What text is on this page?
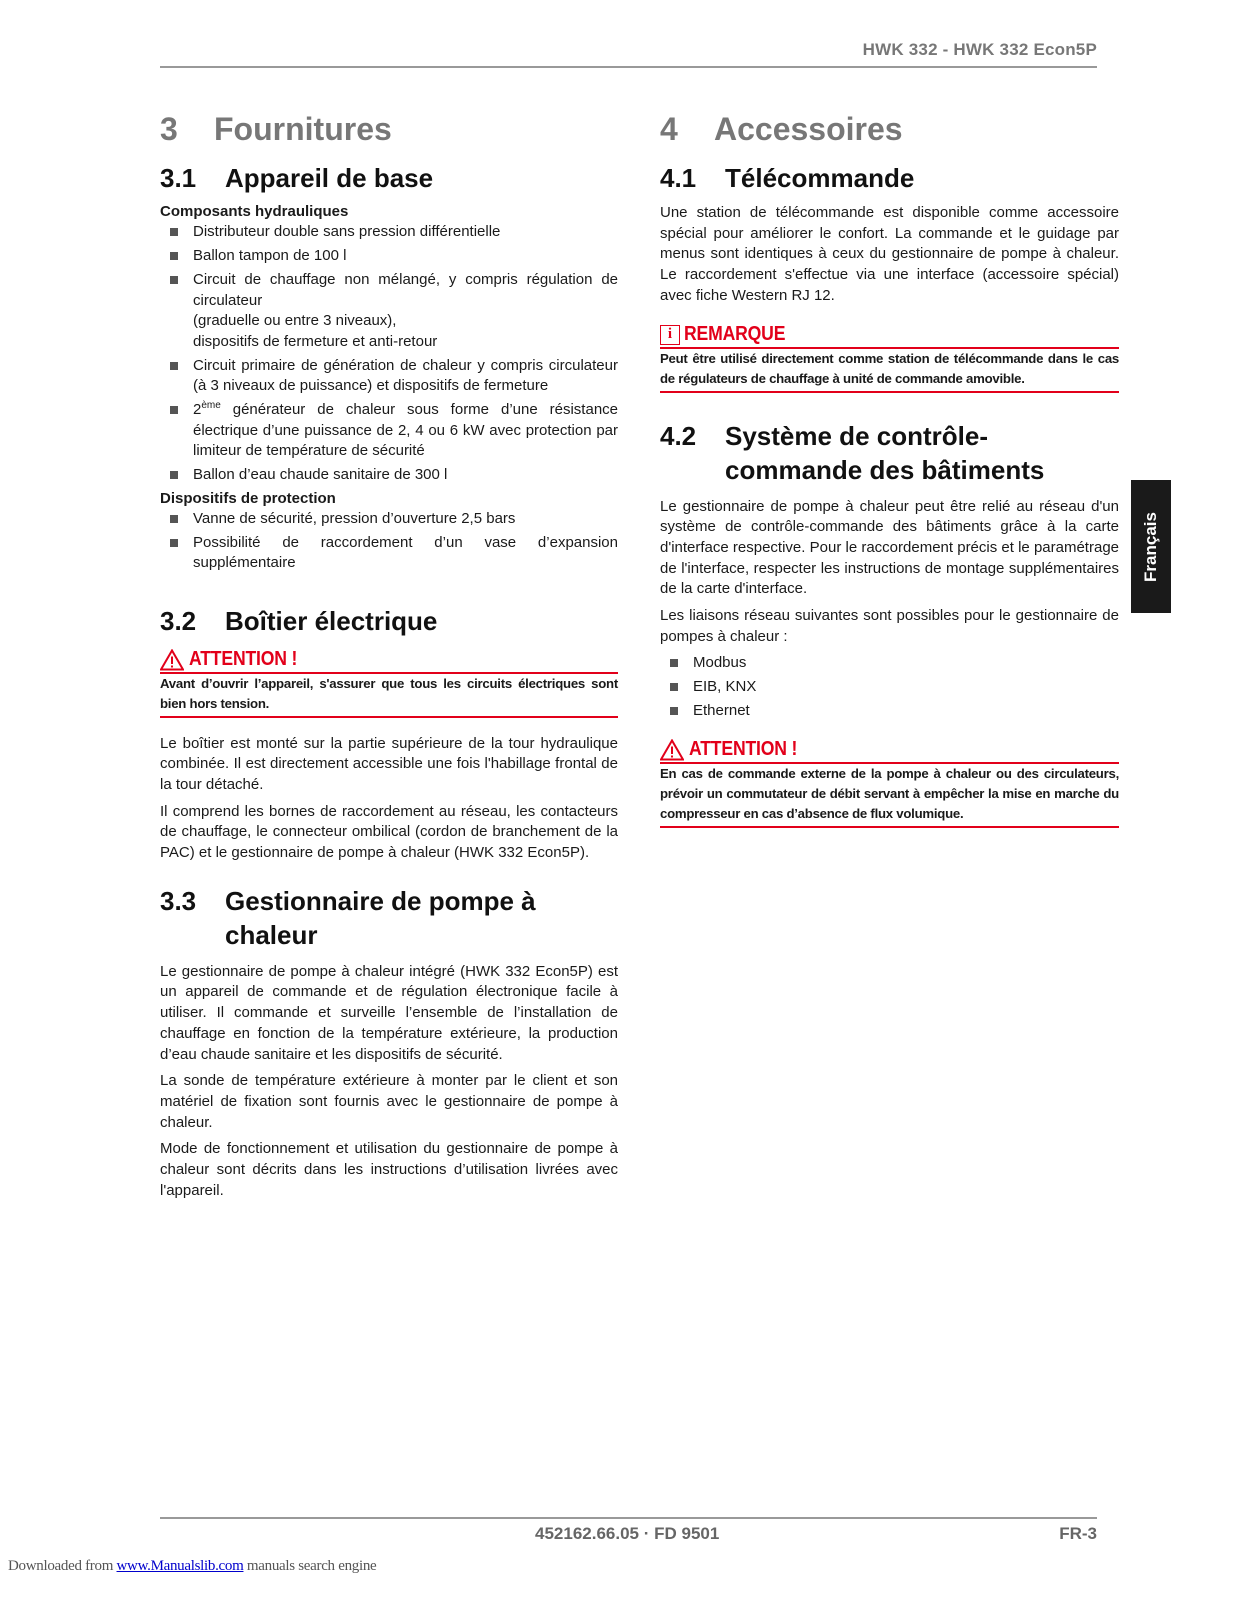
HWK 332 - HWK 332 Econ5P
3	Fournitures
3.1	Appareil de base
Composants hydrauliques
Distributeur double sans pression différentielle
Ballon tampon de 100 l
Circuit de chauffage non mélangé, y compris régulation de circulateur
(graduelle ou entre 3 niveaux),
dispositifs de fermeture et anti-retour
Circuit primaire de génération de chaleur y compris circulateur (à 3 niveaux de puissance) et dispositifs de fermeture
2ème générateur de chaleur sous forme d’une résistance électrique d’une puissance de 2, 4 ou 6 kW avec protection par limiteur de température de sécurité
Ballon d’eau chaude sanitaire de 300 l
Dispositifs de protection
Vanne de sécurité, pression d’ouverture 2,5 bars
Possibilité de raccordement d’un vase d’expansion supplémentaire
3.2	Boîtier électrique
ATTENTION !
Avant d’ouvrir l’appareil, s'assurer que tous les circuits électriques sont bien hors tension.

Le boîtier est monté sur la partie supérieure de la tour hydraulique combinée. Il est directement accessible une fois l'habillage frontal de la tour détaché.

Il comprend les bornes de raccordement au réseau, les contacteurs de chauffage, le connecteur ombilical (cordon de branchement de la PAC) et le gestionnaire de pompe à chaleur (HWK 332 Econ5P).

3.3	Gestionnaire de pompe à
chaleur

Le gestionnaire de pompe à chaleur intégré (HWK 332 Econ5P) est un appareil de commande et de régulation électronique facile à utiliser. Il commande et surveille l’ensemble de l’installation de chauffage en fonction de la température extérieure, la production d’eau chaude sanitaire et les dispositifs de sécurité.

La sonde de température extérieure à monter par le client et son matériel de fixation sont fournis avec le gestionnaire de pompe à chaleur.

Mode de fonctionnement et utilisation du gestionnaire de pompe à chaleur sont décrits dans les instructions d’utilisation livrées avec l'appareil.

4	Accessoires
4.1	Télécommande

Une station de télécommande est disponible comme accessoire spécial pour améliorer le confort. La commande et le guidage par menus sont identiques à ceux du gestionnaire de pompe à chaleur. Le raccordement s'effectue via une interface (accessoire spécial) avec fiche Western RJ 12.

i REMARQUE
Peut être utilisé directement comme station de télécommande dans le cas de régulateurs de chauffage à unité de commande amovible.
4.2	Système de contrôle-
commande des bâtiments

Le gestionnaire de pompe à chaleur peut être relié au réseau d'un système de contrôle-commande des bâtiments grâce à la carte d'interface respective. Pour le raccordement précis et le paramétrage de l'interface, respecter les instructions de montage supplémentaires de la carte d'interface.

Les liaisons réseau suivantes sont possibles pour le gestionnaire de pompes à chaleur :

Modbus
EIB, KNX
Ethernet
ATTENTION !
En cas de commande externe de la pompe à chaleur ou des circulateurs, prévoir un commutateur de débit servant à empêcher la mise en marche du compresseur en cas d’absence de flux volumique.
Français
452162.66.05 · FD 9501	FR-3
Downloaded from www.Manualslib.com manuals search engine
